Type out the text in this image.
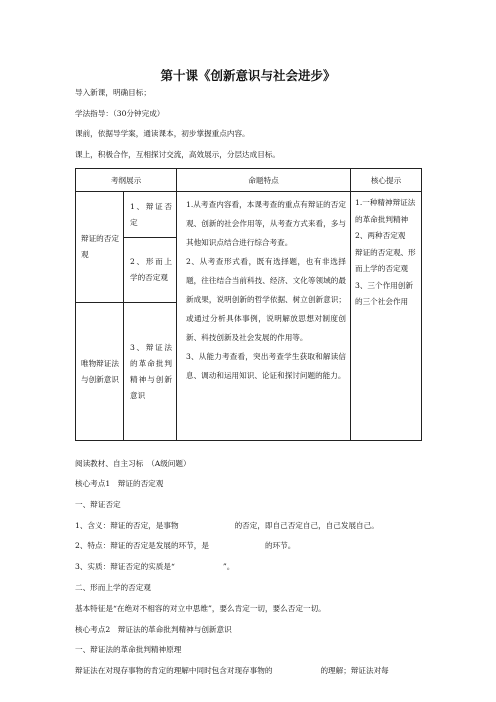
第十课《创新意识与社会进步》
导入新课，明确目标；
学法指导：（30分钟完成）
课前，依据导学案，通读课本，初步掌握重点内容。
课上，积极合作，互相探讨交流，高效展示，分层达成目标。
考纲展示		命题特点	核心提示
辩证的否定观	1、辩证否定	1.从考查内容看，本课考查的重点有辩证的否定观、创新的社会作用等，从考查方式来看，多与其他知识点结合进行综合考查。
2、从考查形式看，既有选择题，也有非选择题，往往结合当前科技、经济、文化等领域的最新成果，说明创新的哲学依据、树立创新意识；或通过分析具体事例，说明解放思想对制度创新、科技创新及社会发展的作用等。
3、从能力考查看，突出考查学生获取和解读信息、调动和运用知识、论证和探讨问题的能力。	1.一种精神辩证法的革命批判精神
2、两种否定观　辩证的否定观、形而上学的否定观
3、三个作用创新的三个社会作用

	2、形而上学的否定观		
唯物辩证法与创新意识	3、辩证法的革命批判精神与创新意识		
阅读教材、自主习标　（A级问题）
核心考点1　辩证的否定观
一、辩证否定
1、含义：辩证的否定，是事物	的否定，即自己否定自己，自己发展自己。
2、特点：辩证的否定是发展的环节，是	的环节。
3、实质：辩证否定的实质是“	”。
二、形而上学的否定观
基本特征是“在绝对不相容的对立中思维”，要么肯定一切，要么否定一切。
核心考点2　辩证法的革命批判精神与创新意识
一、辩证法的革命批判精神原理
辩证法在对现存事物的肯定的理解中同时包含对现存事物的	的理解；辩证法对每
